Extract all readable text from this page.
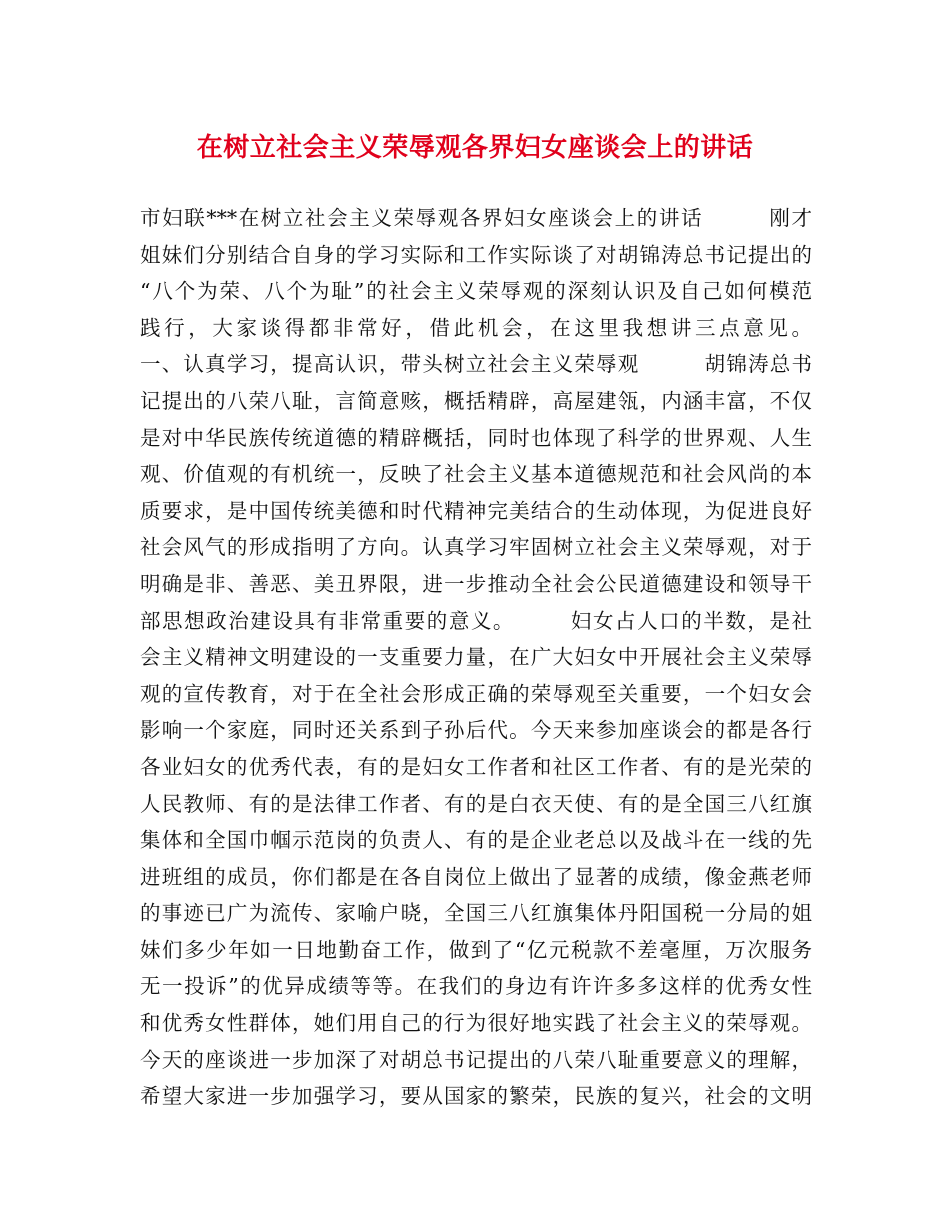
在树立社会主义荣辱观各界妇女座谈会上的讲话
市妇联***在树立社会主义荣辱观各界妇女座谈会上的讲话　　　刚才
姐妹们分别结合自身的学习实际和工作实际谈了对胡锦涛总书记提出的
“八个为荣、八个为耻”的社会主义荣辱观的深刻认识及自己如何模范
践行，大家谈得都非常好，借此机会，在这里我想讲三点意见。
一、认真学习，提高认识，带头树立社会主义荣辱观　　　胡锦涛总书
记提出的八荣八耻，言简意赅，概括精辟，高屋建瓴，内涵丰富，不仅
是对中华民族传统道德的精辟概括，同时也体现了科学的世界观、人生
观、价值观的有机统一，反映了社会主义基本道德规范和社会风尚的本
质要求，是中国传统美德和时代精神完美结合的生动体现，为促进良好
社会风气的形成指明了方向。认真学习牢固树立社会主义荣辱观，对于
明确是非、善恶、美丑界限，进一步推动全社会公民道德建设和领导干
部思想政治建设具有非常重要的意义。　　　妇女占人口的半数，是社
会主义精神文明建设的一支重要力量，在广大妇女中开展社会主义荣辱
观的宣传教育，对于在全社会形成正确的荣辱观至关重要，一个妇女会
影响一个家庭，同时还关系到子孙后代。今天来参加座谈会的都是各行
各业妇女的优秀代表，有的是妇女工作者和社区工作者、有的是光荣的
人民教师、有的是法律工作者、有的是白衣天使、有的是全国三八红旗
集体和全国巾帼示范岗的负责人、有的是企业老总以及战斗在一线的先
进班组的成员，你们都是在各自岗位上做出了显著的成绩，像金燕老师
的事迹已广为流传、家喻户晓，全国三八红旗集体丹阳国税一分局的姐
妹们多少年如一日地勤奋工作，做到了“亿元税款不差毫厘，万次服务
无一投诉”的优异成绩等等。在我们的身边有许许多多这样的优秀女性
和优秀女性群体，她们用自己的行为很好地实践了社会主义的荣辱观。
今天的座谈进一步加深了对胡总书记提出的八荣八耻重要意义的理解，
希望大家进一步加强学习，要从国家的繁荣，民族的复兴，社会的文明
